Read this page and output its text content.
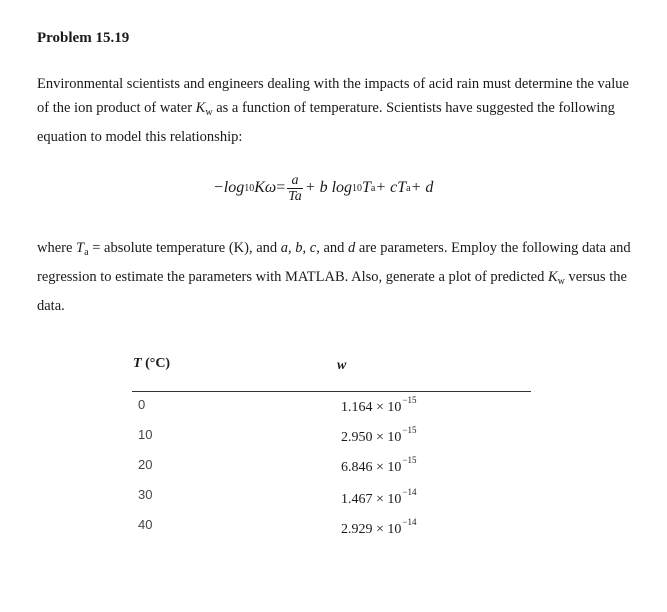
Problem 15.19
Environmental scientists and engineers dealing with the impacts of acid rain must determine the value of the ion product of water $K_w$ as a function of temperature. Scientists have suggested the following equation to model this relationship:
−log 10 $K\omega = \frac{a}{Ta} + b$ log 10 T a + cT a + d
where $T_a$ = absolute temperature (K), and a, b, c, and d are parameters. Employ the following data and regression to estimate the parameters with MATLAB. Also, generate a plot of predicted $K_w$ versus the data.
T (°C)	w
0	$1.164 \times 10^{-15}$
10	$2.950 \times 10^{-15}$
20	$6.846 \times 10^{-15}$
30	$1.467 \times 10^{-14}$
40	$2.929 \times 10^{-14}$
